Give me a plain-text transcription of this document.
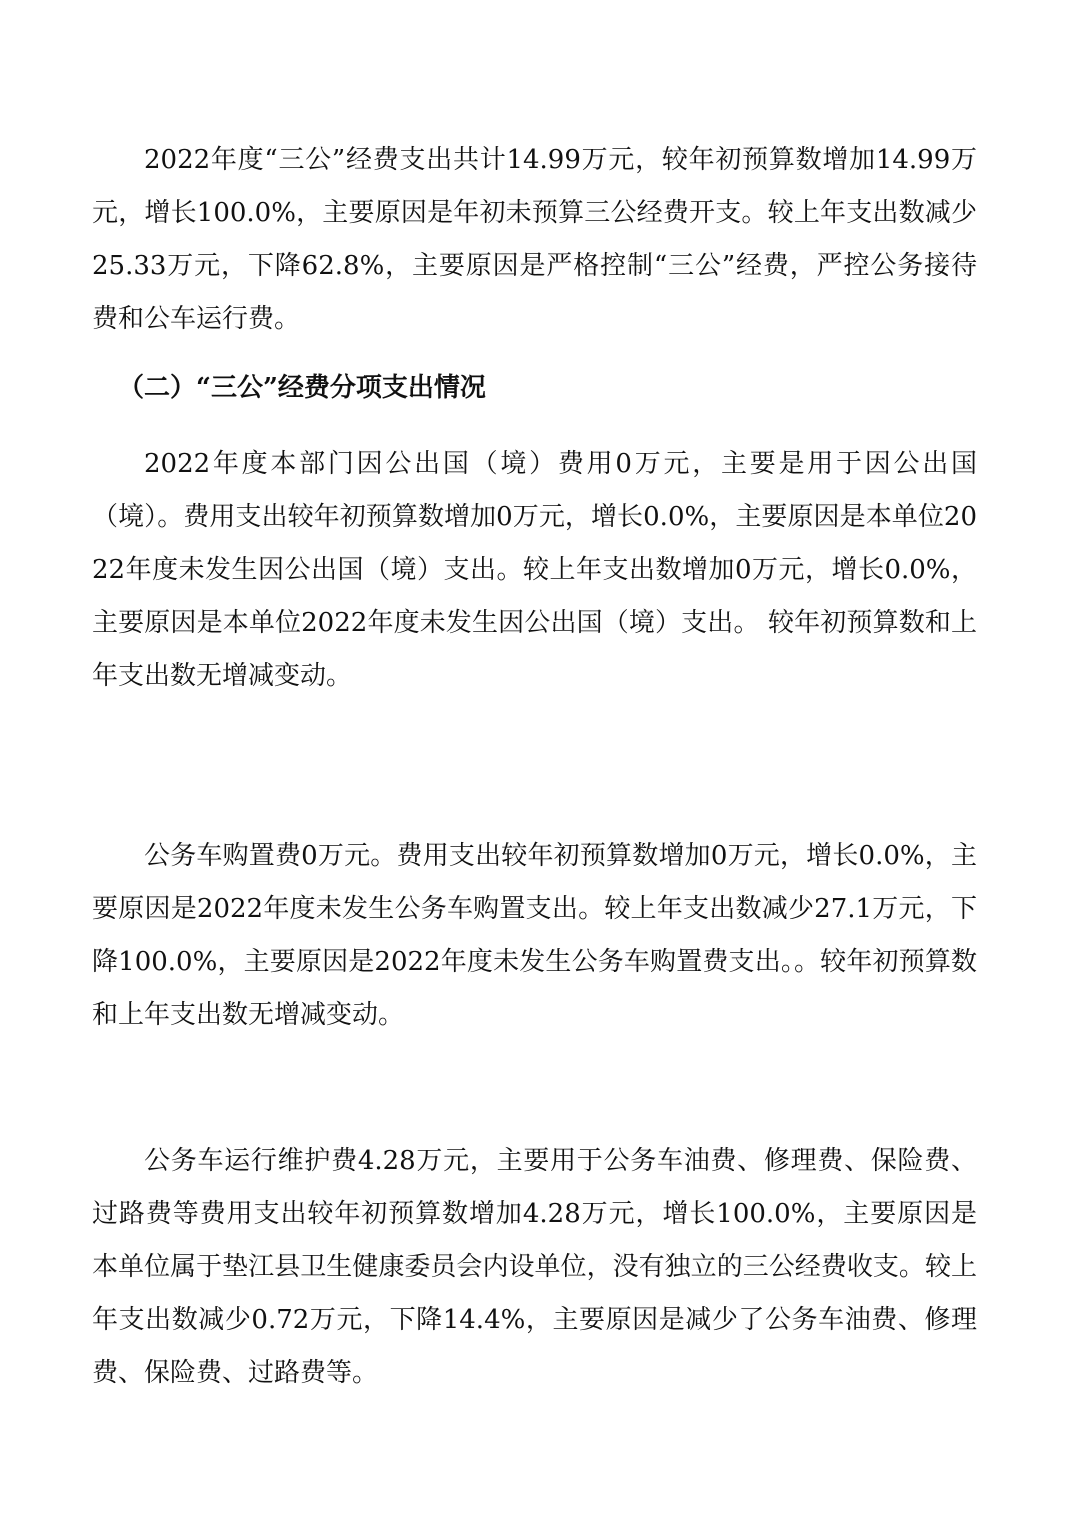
2022年度“三公”经费支出共计14.99万元，较年初预算数增加14.99万元，增长100.0%，主要原因是年初未预算三公经费开支。较上年支出数减少25.33万元，下降62.8%，主要原因是严格控制“三公”经费，严控公务接待费和公车运行费。

（二）“三公”经费分项支出情况

2022年度本部门因公出国（境）费用0万元，主要是用于因公出国（境）。费用支出较年初预算数增加0万元，增长0.0%，主要原因是本单位2022年度未发生因公出国（境）支出。较上年支出数增加0万元，增长0.0%，主要原因是本单位2022年度未发生因公出国（境）支出。 较年初预算数和上年支出数无增减变动。

公务车购置费0万元。费用支出较年初预算数增加0万元，增长0.0%，主要原因是2022年度未发生公务车购置支出。较上年支出数减少27.1万元，下降100.0%，主要原因是2022年度未发生公务车购置费支出。。较年初预算数和上年支出数无增减变动。

公务车运行维护费4.28万元，主要用于公务车油费、修理费、保险费、过路费等费用支出较年初预算数增加4.28万元，增长100.0%，主要原因是本单位属于垫江县卫生健康委员会内设单位，没有独立的三公经费收支。较上年支出数减少0.72万元，下降14.4%，主要原因是减少了公务车油费、修理费、保险费、过路费等。
